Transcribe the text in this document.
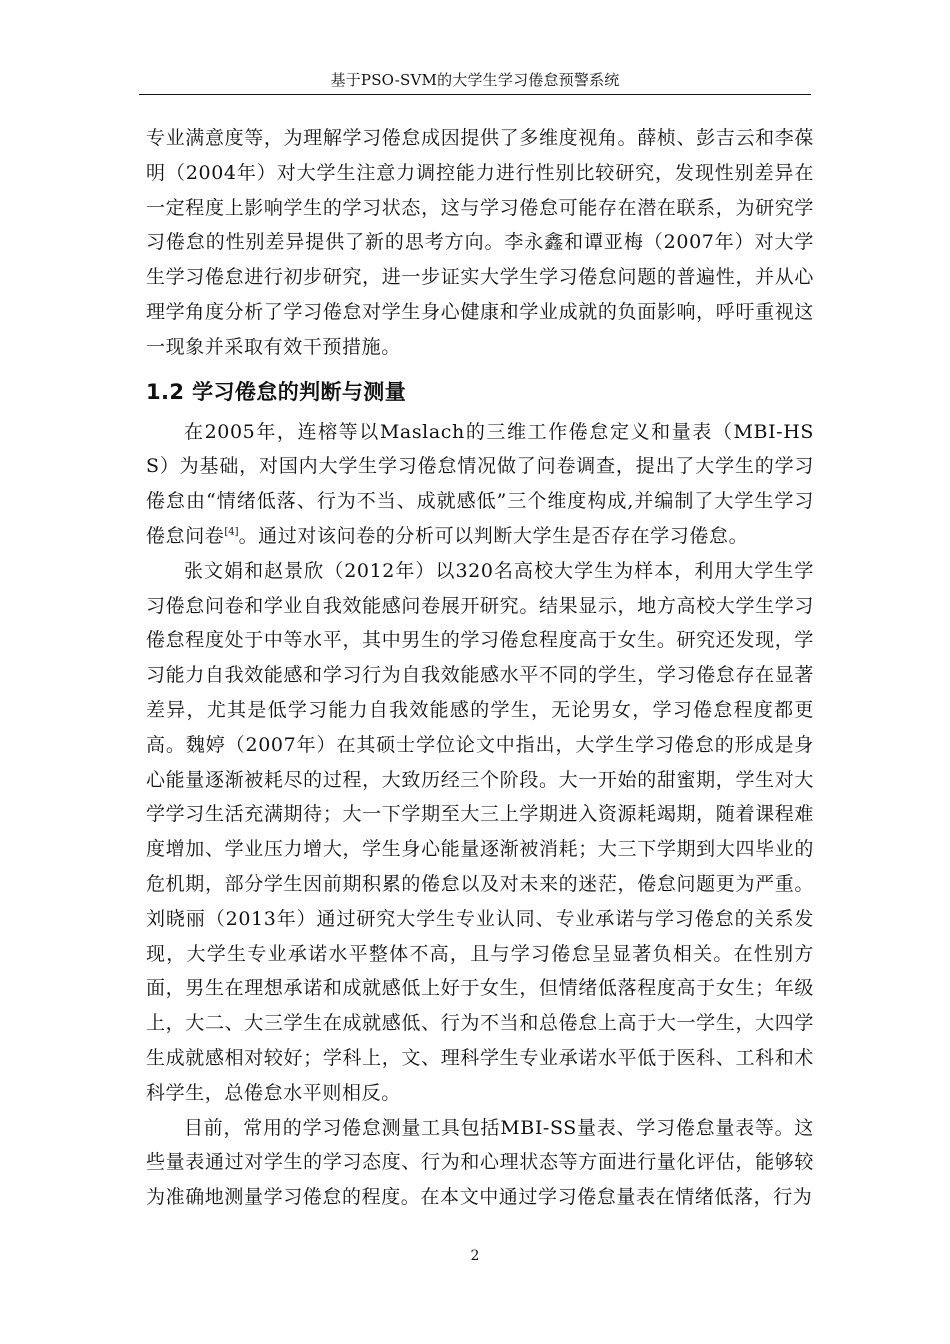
基于PSO-SVM的大学生学习倦怠预警系统

专业满意度等，为理解学习倦怠成因提供了多维度视角。薛桢、彭吉云和李葆明（2004年）对大学生注意力调控能力进行性别比较研究，发现性别差异在一定程度上影响学生的学习状态，这与学习倦怠可能存在潜在联系，为研究学习倦怠的性别差异提供了新的思考方向。李永鑫和谭亚梅（2007年）对大学生学习倦怠进行初步研究，进一步证实大学生学习倦怠问题的普遍性，并从心理学角度分析了学习倦怠对学生身心健康和学业成就的负面影响，呼吁重视这一现象并采取有效干预措施。

1.2 学习倦怠的判断与测量

在2005年，连榕等以Maslach的三维工作倦怠定义和量表（MBI-HSS）为基础，对国内大学生学习倦怠情况做了问卷调查，提出了大学生的学习倦怠由“情绪低落、行为不当、成就感低”三个维度构成,并编制了大学生学习倦怠问卷[4]。通过对该问卷的分析可以判断大学生是否存在学习倦怠。

张文娟和赵景欣（2012年）以320名高校大学生为样本，利用大学生学习倦怠问卷和学业自我效能感问卷展开研究。结果显示，地方高校大学生学习倦怠程度处于中等水平，其中男生的学习倦怠程度高于女生。研究还发现，学习能力自我效能感和学习行为自我效能感水平不同的学生，学习倦怠存在显著差异，尤其是低学习能力自我效能感的学生，无论男女，学习倦怠程度都更高。魏婷（2007年）在其硕士学位论文中指出，大学生学习倦怠的形成是身心能量逐渐被耗尽的过程，大致历经三个阶段。大一开始的甜蜜期，学生对大学学习生活充满期待；大一下学期至大三上学期进入资源耗竭期，随着课程难度增加、学业压力增大，学生身心能量逐渐被消耗；大三下学期到大四毕业的危机期，部分学生因前期积累的倦怠以及对未来的迷茫，倦怠问题更为严重。刘晓丽（2013年）通过研究大学生专业认同、专业承诺与学习倦怠的关系发现，大学生专业承诺水平整体不高，且与学习倦怠呈显著负相关。在性别方面，男生在理想承诺和成就感低上好于女生，但情绪低落程度高于女生；年级上，大二、大三学生在成就感低、行为不当和总倦怠上高于大一学生，大四学生成就感相对较好；学科上，文、理科学生专业承诺水平低于医科、工科和术科学生，总倦怠水平则相反。

目前，常用的学习倦怠测量工具包括MBI-SS量表、学习倦怠量表等。这些量表通过对学生的学习态度、行为和心理状态等方面进行量化评估，能够较为准确地测量学习倦怠的程度。在本文中通过学习倦怠量表在情绪低落，行为

2
